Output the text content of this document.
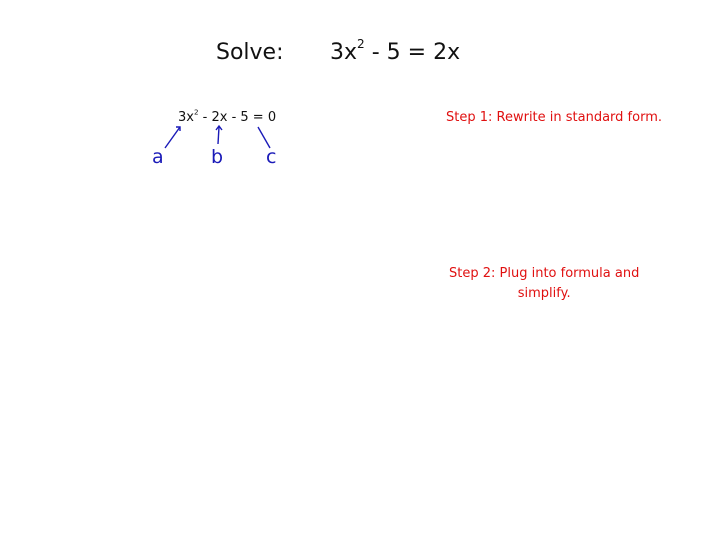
Solve: $3x^2 - 5 = 2x$
$3x^2 - 2x - 5 = 0$
a b c
Step 1: Rewrite in standard form.
Step 2: Plug into formula and
simplify.
